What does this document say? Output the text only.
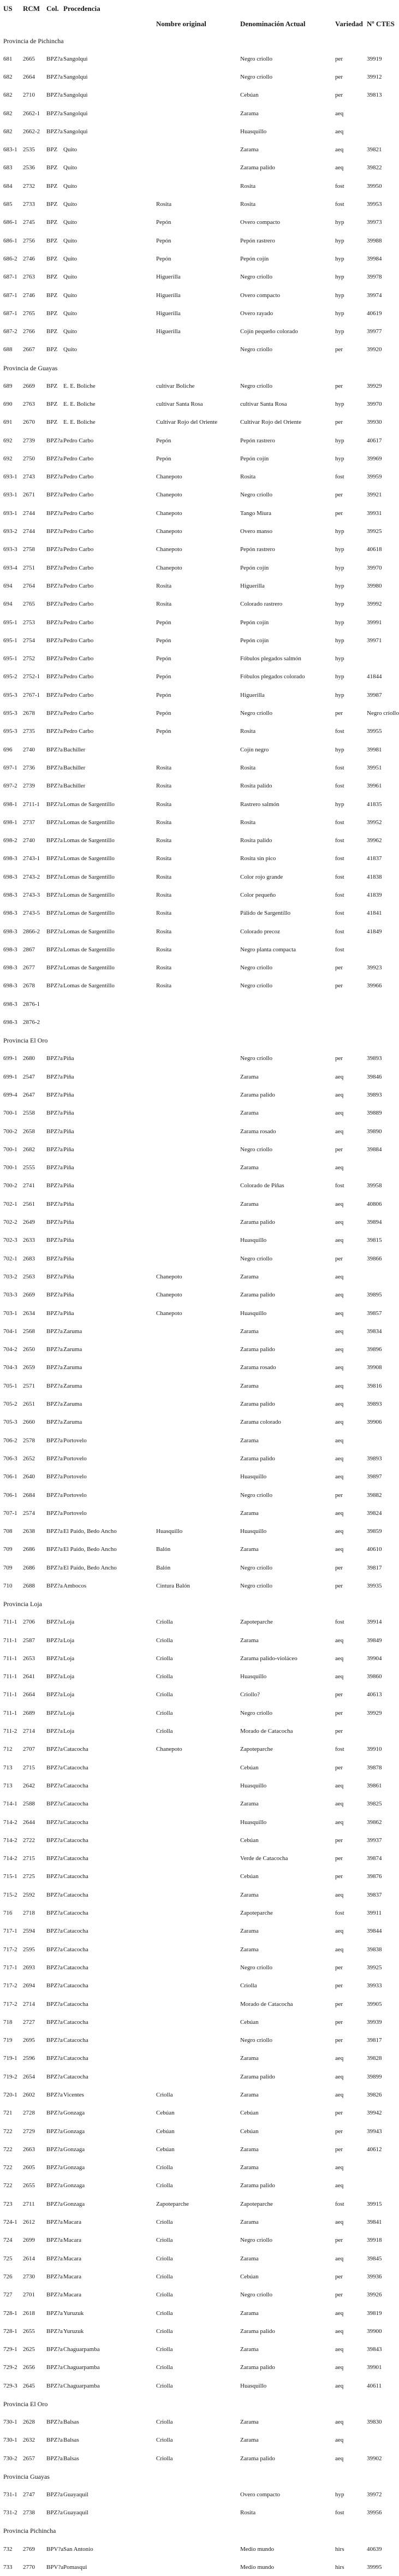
US	RCM	Col.	Procedencia	Nombre original	Denominación Actual	Variedad	Nº CTES
Provincia de Pichincha							
681	2665	BPZ?a	Sangolqui		Negro criollo	per	39919
682	2664	BPZ?a	Sangolqui		Negro criollo	per	39912
682	2710	BPZ?a	Sangolqui		Cebúan	per	39813
682	2662-1	BPZ?a	Sangolqui		Zarama	aeq	
682	2662-2	BPZ?a	Sangolqui		Huasquillo	aeq	
683-1	2535	BPZ	Quito		Zarama	aeq	39821
683	2536	BPZ	Quito		Zarama palido	aeq	39822
684	2732	BPZ	Quito		Rosita	fost	39950
685	2733	BPZ	Quito	Rosita	Rosita	fost	39953
686-1	2745	BPZ	Quito	Pepón	Overo compacto	hyp	39973
686-1	2756	BPZ	Quito	Pepón	Pepón rastrero	hyp	39988
686-2	2746	BPZ	Quito	Pepón	Pepón cojín	hyp	39984
687-1	2763	BPZ	Quito	Higuerilla	Negro criollo	hyp	39978
687-1	2746	BPZ	Quito	Higuerilla	Overo compacto	hyp	39974
687-1	2765	BPZ	Quito	Higuerilla	Overo rayado	hyp	40619
687-2	2766	BPZ	Quito	Higuerilla	Cojín pequeño colorado	hyp	39977
688	2667	BPZ	Quito		Negro criollo	per	39920
Provincia de Guayas							
689	2669	BPZ	E. E. Boliche	cultivar Boliche	Negro criollo	per	39929
690	2763	BPZ	E. E. Boliche	cultivar Santa Rosa	cultivar Santa Rosa	hyp	39970
691	2670	BPZ	E. E. Boliche	Cultivar Rojo del Oriente	Cultivar Rojo del Oriente	per	39930
692	2739	BPZ?a	Pedro Carbo	Pepón	Pepón rastrero	hyp	40617
692	2750	BPZ?a	Pedro Carbo	Pepón	Pepón cojín	hyp	39969
693-1	2743	BPZ?a	Pedro Carbo	Chanepoto	Rosita	fost	39959
693-1	2671	BPZ?a	Pedro Carbo	Chanepoto	Negro criollo	per	39921
693-1	2744	BPZ?a	Pedro Carbo	Chanepoto	Tango Miura	per	39931
693-2	2744	BPZ?a	Pedro Carbo	Chanepoto	Overo manso	hyp	39925
693-3	2758	BPZ?a	Pedro Carbo	Chanepoto	Pepón rastrero	hyp	40618
693-4	2751	BPZ?a	Pedro Carbo	Chanepoto	Pepón cojín	hyp	39970
694	2764	BPZ?a	Pedro Carbo	Rosita	Higuerilla	hyp	39980
694	2765	BPZ?a	Pedro Carbo	Rosita	Colorado rastrero	hyp	39992
695-1	2753	BPZ?a	Pedro Carbo	Pepón	Pepón cojín	hyp	39991
695-1	2754	BPZ?a	Pedro Carbo	Pepón	Pepón cojín	hyp	39971
695-1	2752	BPZ?a	Pedro Carbo	Pepón	Fóbulos plegados salmón	hyp	
695-2	2752-1	BPZ?a	Pedro Carbo	Pepón	Fóbulos plegados colorado	hyp	41844
695-3	2767-1	BPZ?a	Pedro Carbo	Pepón	Higuerilla	hyp	39987
695-3	2678	BPZ?a	Pedro Carbo	Pepón	Negro criollo	per	Negro criollo
695-3	2735	BPZ?a	Pedro Carbo	Pepón	Rosita	fost	39955
696	2740	BPZ?a	Bachiller		Cojín negro	hyp	39981
697-1	2736	BPZ?a	Bachiller	Rosita	Rosita	fost	39951
697-2	2739	BPZ?a	Bachiller	Rosita	Rosita palido	fost	39961
698-1	2711-1	BPZ?a	Lomas de Sargentillo	Rosita	Rastrero salmón	hyp	41835
698-1	2737	BPZ?a	Lomas de Sargentillo	Rosita	Rosita	fost	39952
698-2	2740	BPZ?a	Lomas de Sargentillo	Rosita	Rosita palido	fost	39962
698-3	2743-1	BPZ?a	Lomas de Sargentillo	Rosita	Rosita sin pico	fost	41837
698-3	2743-2	BPZ?a	Lomas de Sargentillo	Rosita	Color rojo grande	fost	41838
698-3	2743-3	BPZ?a	Lomas de Sargentillo	Rosita	Color pequeño	fost	41839
698-3	2743-5	BPZ?a	Lomas de Sargentillo	Rosita	Pálido de Sargentillo	fost	41841
698-3	2866-2	BPZ?a	Lomas de Sargentillo	Rosita	Colorado precoz	fost	41849
698-3	2867	BPZ?a	Lomas de Sargentillo	Rosita	Negro planta compacta	fost	
698-3	2677	BPZ?a	Lomas de Sargentillo	Rosita	Negro criollo	per	39923
698-3	2678	BPZ?a	Lomas de Sargentillo	Rosita	Negro criollo	per	39966
698-3	2876-1						
698-3	2876-2						
Provincia El Oro							
699-1	2680	BPZ?a	Piña		Negro criollo	per	39893
699-1	2547	BPZ?a	Piña		Zarama	aeq	39846
699-4	2647	BPZ?a	Piña		Zarama palido	aeq	39893
700-1	2558	BPZ?a	Piña		Zarama	aeq	39889
700-2	2658	BPZ?a	Piña		Zarama rosado	aeq	39890
700-1	2682	BPZ?a	Piña		Negro criollo	per	39884
700-1	2555	BPZ?a	Piña		Zarama	aeq	
700-2	2741	BPZ?a	Piña		Colorado de Piñas	fost	39958
702-1	2561	BPZ?a	Piña		Zarama	aeq	40806
702-2	2649	BPZ?a	Piña		Zarama palido	aeq	39894
702-3	2633	BPZ?a	Piña		Huasquillo	aeq	39815
702-1	2683	BPZ?a	Piña		Negro criollo	per	39866
703-2	2563	BPZ?a	Piña	Chanepoto	Zarama	aeq	
703-3	2669	BPZ?a	Piña	Chanepoto	Zarama palido	aeq	39895
703-1	2634	BPZ?a	Piña	Chanepoto	Huasquillo	aeq	39857
704-1	2568	BPZ?a	Zaruma		Zarama	aeq	39834
704-2	2650	BPZ?a	Zaruma		Zarama palido	aeq	39896
704-3	2659	BPZ?a	Zaruma		Zarama rosado	aeq	39908
705-1	2571	BPZ?a	Zaruma		Zarama	aeq	39816
705-2	2651	BPZ?a	Zaruma		Zarama palido	aeq	39893
705-3	2660	BPZ?a	Zaruma		Zarama colorado	aeq	39906
706-2	2578	BPZ?a	Portovelo		Zarama	aeq	
706-3	2652	BPZ?a	Portovelo		Zarama palido	aeq	39893
706-1	2640	BPZ?a	Portovelo		Huasquillo	aeq	39897
706-1	2684	BPZ?a	Portovelo		Negro criollo	per	39882
707-1	2574	BPZ?a	Portovelo		Zarama	aeq	39824
708	2638	BPZ?a	El Paído, Bedo Ancho	Huasquillo	Huasquillo	aeq	39859
709	2686	BPZ?a	El Paído, Bedo Ancho	Balón	Zarama	aeq	40610
709	2686	BPZ?a	El Paído, Bedo Ancho	Balón	Negro criollo	per	39817
710	2688	BPZ?a	Ambocos	Cintura Balón	Negro criollo	per	39935
Provincia Loja							
711-1	2706	BPZ?a	Loja	Criolla	Zapoteparche	fost	39914
711-1	2587	BPZ?a	Loja	Criolla	Zarama	aeq	39849
711-1	2653	BPZ?a	Loja	Criolla	Zarama palido-violáceo	aeq	39904
711-1	2641	BPZ?a	Loja	Criolla	Huasquillo	aeq	39860
711-1	2664	BPZ?a	Loja	Criolla	Criollo?	per	40613
711-1	2689	BPZ?a	Loja	Criolla	Negro criollo	per	39929
711-2	2714	BPZ?a	Loja	Criolla	Morado de Catacocha	per	
712	2707	BPZ?a	Catacocha	Chanepoto	Zapoteparche	fost	39910
713	2715	BPZ?a	Catacocha		Cebúan	per	39878
713	2642	BPZ?a	Catacocha		Huasquillo	aeq	39861
714-1	2588	BPZ?a	Catacocha		Zarama	aeq	39825
714-2	2644	BPZ?a	Catacocha		Huasquillo	aeq	39862
714-2	2722	BPZ?a	Catacocha		Cebúan	per	39937
714-2	2715	BPZ?a	Catacocha		Verde de Catacocha	per	39874
715-1	2725	BPZ?a	Catacocha		Cebúan	per	39876
715-2	2592	BPZ?a	Catacocha		Zarama	aeq	39837
716	2718	BPZ?a	Catacocha		Zapoteparche	fost	39911
717-1	2594	BPZ?a	Catacocha		Zarama	aeq	39844
717-2	2595	BPZ?a	Catacocha		Zarama	aeq	39838
717-1	2693	BPZ?a	Catacocha		Negro criollo	per	39925
717-2	2694	BPZ?a	Catacocha		Criolla	per	39933
717-2	2714	BPZ?a	Catacocha		Morado de Catacocha	per	39905
718	2727	BPZ?a	Catacocha		Cebúan	per	39939
719	2695	BPZ?a	Catacocha		Negro criollo	per	39817
719-1	2596	BPZ?a	Catacocha		Zarama	aeq	39828
719-2	2654	BPZ?a	Catacocha		Zarama palido	aeq	39899
720-1	2602	BPZ?a	Vicentes	Criolla	Zarama	aeq	39826
721	2728	BPZ?a	Gonzaga	Cebúan	Cebúan	per	39942
722	2729	BPZ?a	Gonzaga	Cebúan	Cebúan	per	39943
722	2663	BPZ?a	Gonzaga	Cebúan	Zarama	per	40612
722	2605	BPZ?a	Gonzaga	Criolla	Zarama	aeq	
722	2655	BPZ?a	Gonzaga	Criolla	Zarama palido	aeq	
723	2711	BPZ?a	Gonzaga	Zapoteparche	Zapoteparche	fost	39915
724-1	2612	BPZ?a	Macara	Criolla	Zarama	aeq	39841
724	2699	BPZ?a	Macara	Criolla	Negro criollo	per	39918
725	2614	BPZ?a	Macara	Criolla	Zarama	aeq	39845
726	2730	BPZ?a	Macara	Criolla	Cebúan	per	39936
727	2701	BPZ?a	Macara	Criolla	Negro criollo	per	39926
728-1	2618	BPZ?a	Yuruzuk	Criolla	Zarama	aeq	39819
728-1	2655	BPZ?a	Yuruzuk	Criolla	Zarama palido	aeq	39900
729-1	2625	BPZ?a	Chaguarpamba	Criolla	Zarama	aeq	39843
729-2	2656	BPZ?a	Chaguarpamba	Criolla	Zarama palido	aeq	39901
729-3	2645	BPZ?a	Chaguarpamba	Criolla	Huasquillo	aeq	40611
Provincia El Oro							
730-1	2628	BPZ?a	Balsas	Criolla	Zarama	aeq	39830
730-1	2632	BPZ?a	Balsas	Criolla	Zarama	aeq	
730-2	2657	BPZ?a	Balsas	Criolla	Zarama palido	aeq	39902
Provincia Guayas							
731-1	2747	BPZ?a	Guayaquil		Overo compacto	hyp	39972
731-2	2738	BPZ?a	Guayaquil		Rosita	fost	39956
Provincia Pichincha							
732	2769	BPV?a	San Antonio		Medio mundo	hirs	40639
733	2770	BPV?a	Pomasqui		Medio mundo	hirs	39995
